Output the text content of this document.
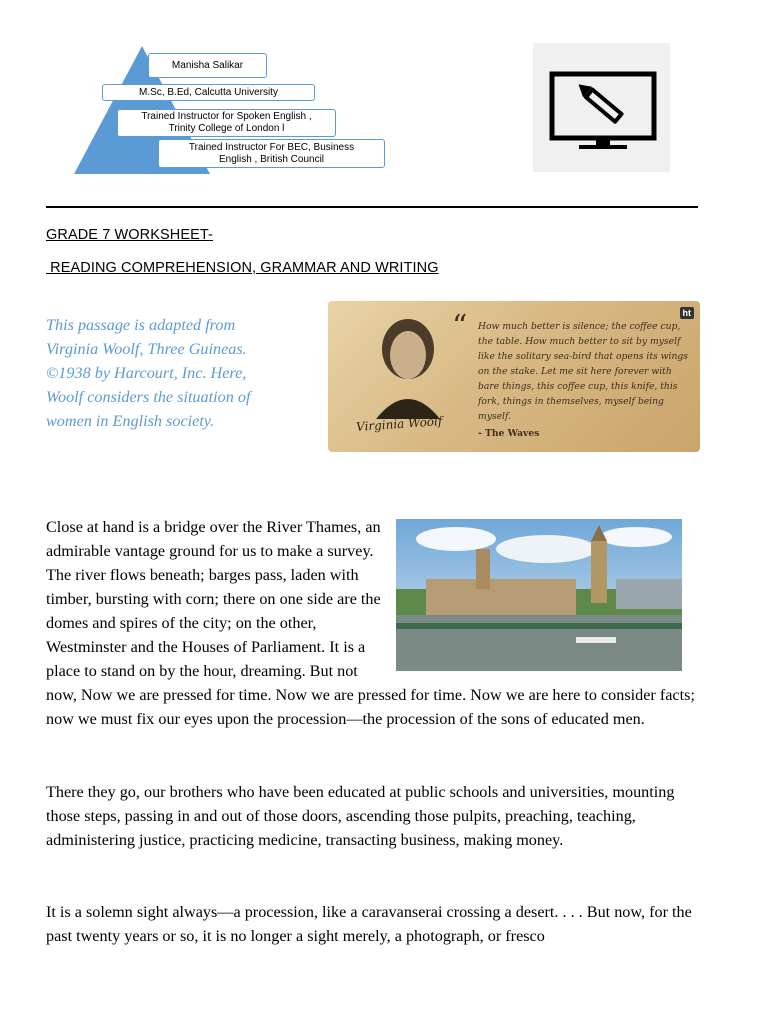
Manisha Salikar
M.Sc, B.Ed, Calcutta University
Trained Instructor for Spoken English ,
Trinity College of London l
Trained Instructor For BEC, Business
English , British Council
GRADE 7 WORKSHEET-
READING COMPREHENSION, GRAMMAR AND WRITING
This passage is adapted from
Virginia Woolf, Three Guineas.
©1938 by Harcourt, Inc. Here,
Woolf considers the situation of
women in English society.
“ How much better is silence; the coffee cup, the table. How much better to sit by myself like the solitary sea-bird that opens its wings on the stake. Let me sit here forever with bare things, this coffee cup, this knife, this fork, things in themselves, myself being myself.
- The Waves
Virginia Woolf
ht
Close at hand is a bridge over the River Thames, an admirable vantage ground for us to make a survey. The river flows beneath; barges pass, laden with timber, bursting with corn; there on one side are the domes and spires of the city; on the other, Westminster and the Houses of Parliament. It is a place to stand on by the hour, dreaming. But not now, Now we are pressed for time. Now we are pressed for time. Now we are here to consider facts; now we must fix our eyes upon the procession—the procession of the sons of educated men.
There they go, our brothers who have been educated at public schools and universities, mounting those steps, passing in and out of those doors, ascending those pulpits, preaching, teaching, administering justice, practicing medicine, transacting business, making money.
It is a solemn sight always—a procession, like a caravanserai crossing a desert. . . . But now, for the past twenty years or so, it is no longer a sight merely, a photograph, or fresco
